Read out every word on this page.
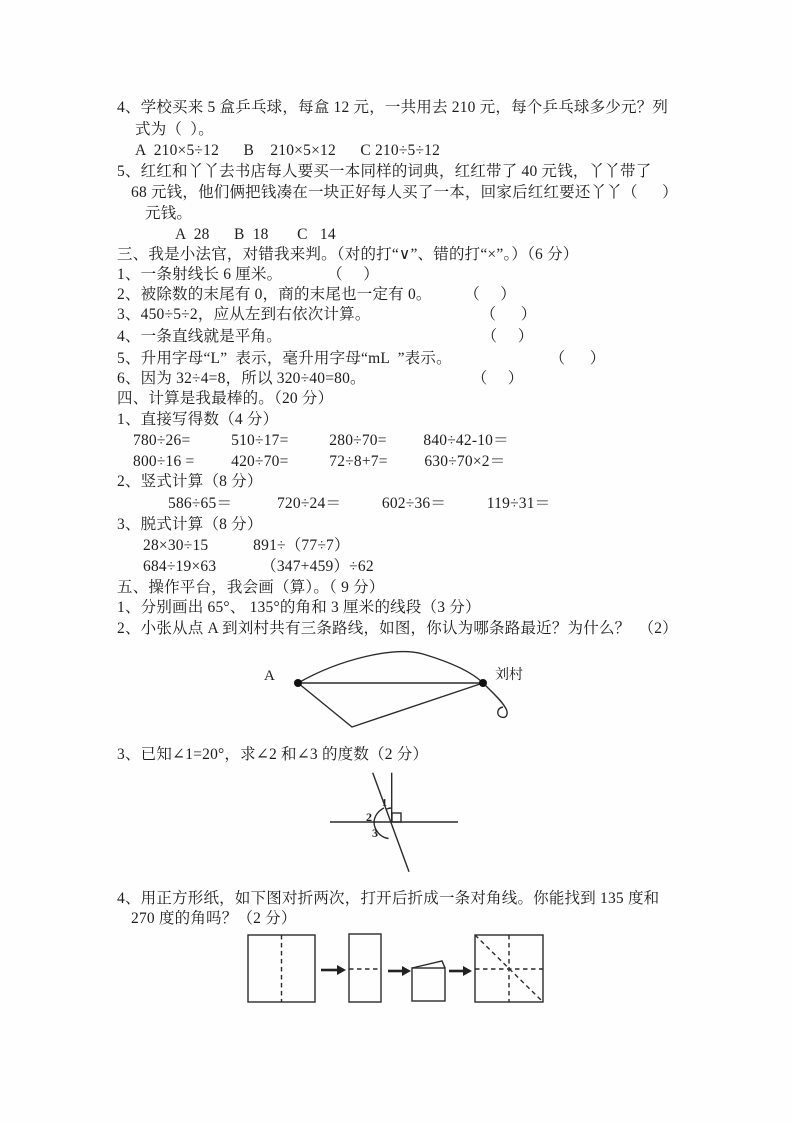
4、学校买来 5 盒乒乓球，每盒 12 元，一共用去 210 元，每个乒乓球多少元？列
式为（  ）。
A  210×5÷12      B    210×5×12      C 210÷5÷12
5、红红和丫丫去书店每人要买一本同样的词典，红红带了 40 元钱，丫丫带了
68 元钱，他们俩把钱凑在一块正好每人买了一本，回家后红红要还丫丫（      ）
元钱。
A  28      B  18       C   14
三、我是小法官，对错我来判。（对的打“∨”、错的打“×”。）（6 分）
1、一条射线长 6 厘米。           （     ）
2、被除数的末尾有 0，商的末尾也一定有 0。        （     ）
3、450÷5÷2，应从左到右依次计算。                           （      ）
4、一条直线就是平角。                                                 （     ）
5、升用字母“L”  表示，毫升用字母“mL  ”表示。                        （      ）
6、因为 32÷4=8，所以 320÷40=80。                          （     ）
四、计算是我最棒的。（20 分）
1、直接写得数（4 分）
780÷26=          510÷17=          280÷70=         840÷42-10＝
800÷16 =         420÷70=          72÷8+7=         630÷70×2＝
2、竖式计算（8 分）
586÷65＝           720÷24＝          602÷36＝          119÷31＝
3、脱式计算（8 分）
28×30÷15           891÷（77÷7）
684÷19×63           （347+459）÷62
五、操作平台，我会画（算）。（ 9 分）
1、分别画出 65°、 135°的角和 3 厘米的线段（3 分）
2、小张从点 A 到刘村共有三条路线，如图，你认为哪条路最近？为什么？  （2）
3、已知∠1=20°，求∠2 和∠3 的度数（2 分）
4、用正方形纸，如下图对折两次，打开后折成一条对角线。你能找到 135 度和
270 度的角吗？（2 分）
A	刘村
1
2
3
